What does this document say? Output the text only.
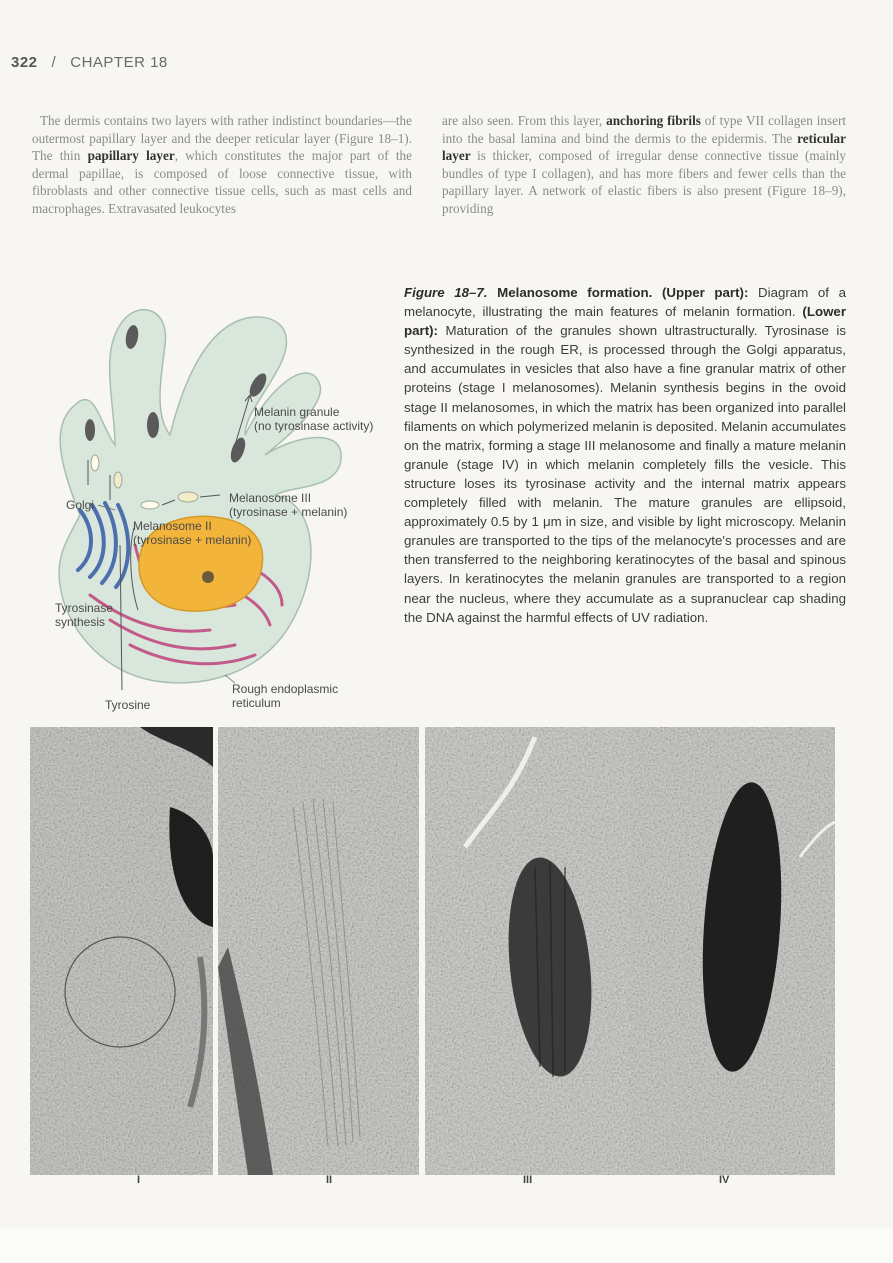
322 / CHAPTER 18
The dermis contains two layers with rather indistinct boundaries—the outermost papillary layer and the deeper reticular layer (Figure 18–1). The thin papillary layer, which constitutes the major part of the dermal papillae, is composed of loose connective tissue, with fibroblasts and other connective tissue cells, such as mast cells and macrophages. Extravasated leukocytes
are also seen. From this layer, anchoring fibrils of type VII collagen insert into the basal lamina and bind the dermis to the epidermis. The reticular layer is thicker, composed of irregular dense connective tissue (mainly bundles of type I collagen), and has more fibers and fewer cells than the papillary layer. A network of elastic fibers is also present (Figure 18–9), providing
Melanin granule
(no tyrosinase activity)
Golgi	Melanosome III
(tyrosinase + melanin)
Melanosome II
(tyrosinase + melanin)
Tyrosinase
synthesis
Rough endoplasmic
reticulum
Tyrosine
Figure 18–7. Melanosome formation. (Upper part): Diagram of a melanocyte, illustrating the main features of melanin formation. (Lower part): Maturation of the granules shown ultrastructurally. Tyrosinase is synthesized in the rough ER, is processed through the Golgi apparatus, and accumulates in vesicles that also have a fine granular matrix of other proteins (stage I melanosomes). Melanin synthesis begins in the ovoid stage II melanosomes, in which the matrix has been organized into parallel filaments on which polymerized melanin is deposited. Melanin accumulates on the matrix, forming a stage III melanosome and finally a mature melanin granule (stage IV) in which melanin completely fills the vesicle. This structure loses its tyrosinase activity and the internal matrix appears completely filled with melanin. The mature granules are ellipsoid, approximately 0.5 by 1 μm in size, and visible by light microscopy. Melanin granules are transported to the tips of the melanocyte's processes and are then transferred to the neighboring keratinocytes of the basal and spinous layers. In keratinocytes the melanin granules are transported to a region near the nucleus, where they accumulate as a supranuclear cap shading the DNA against the harmful effects of UV radiation.
I	II	III	IV
